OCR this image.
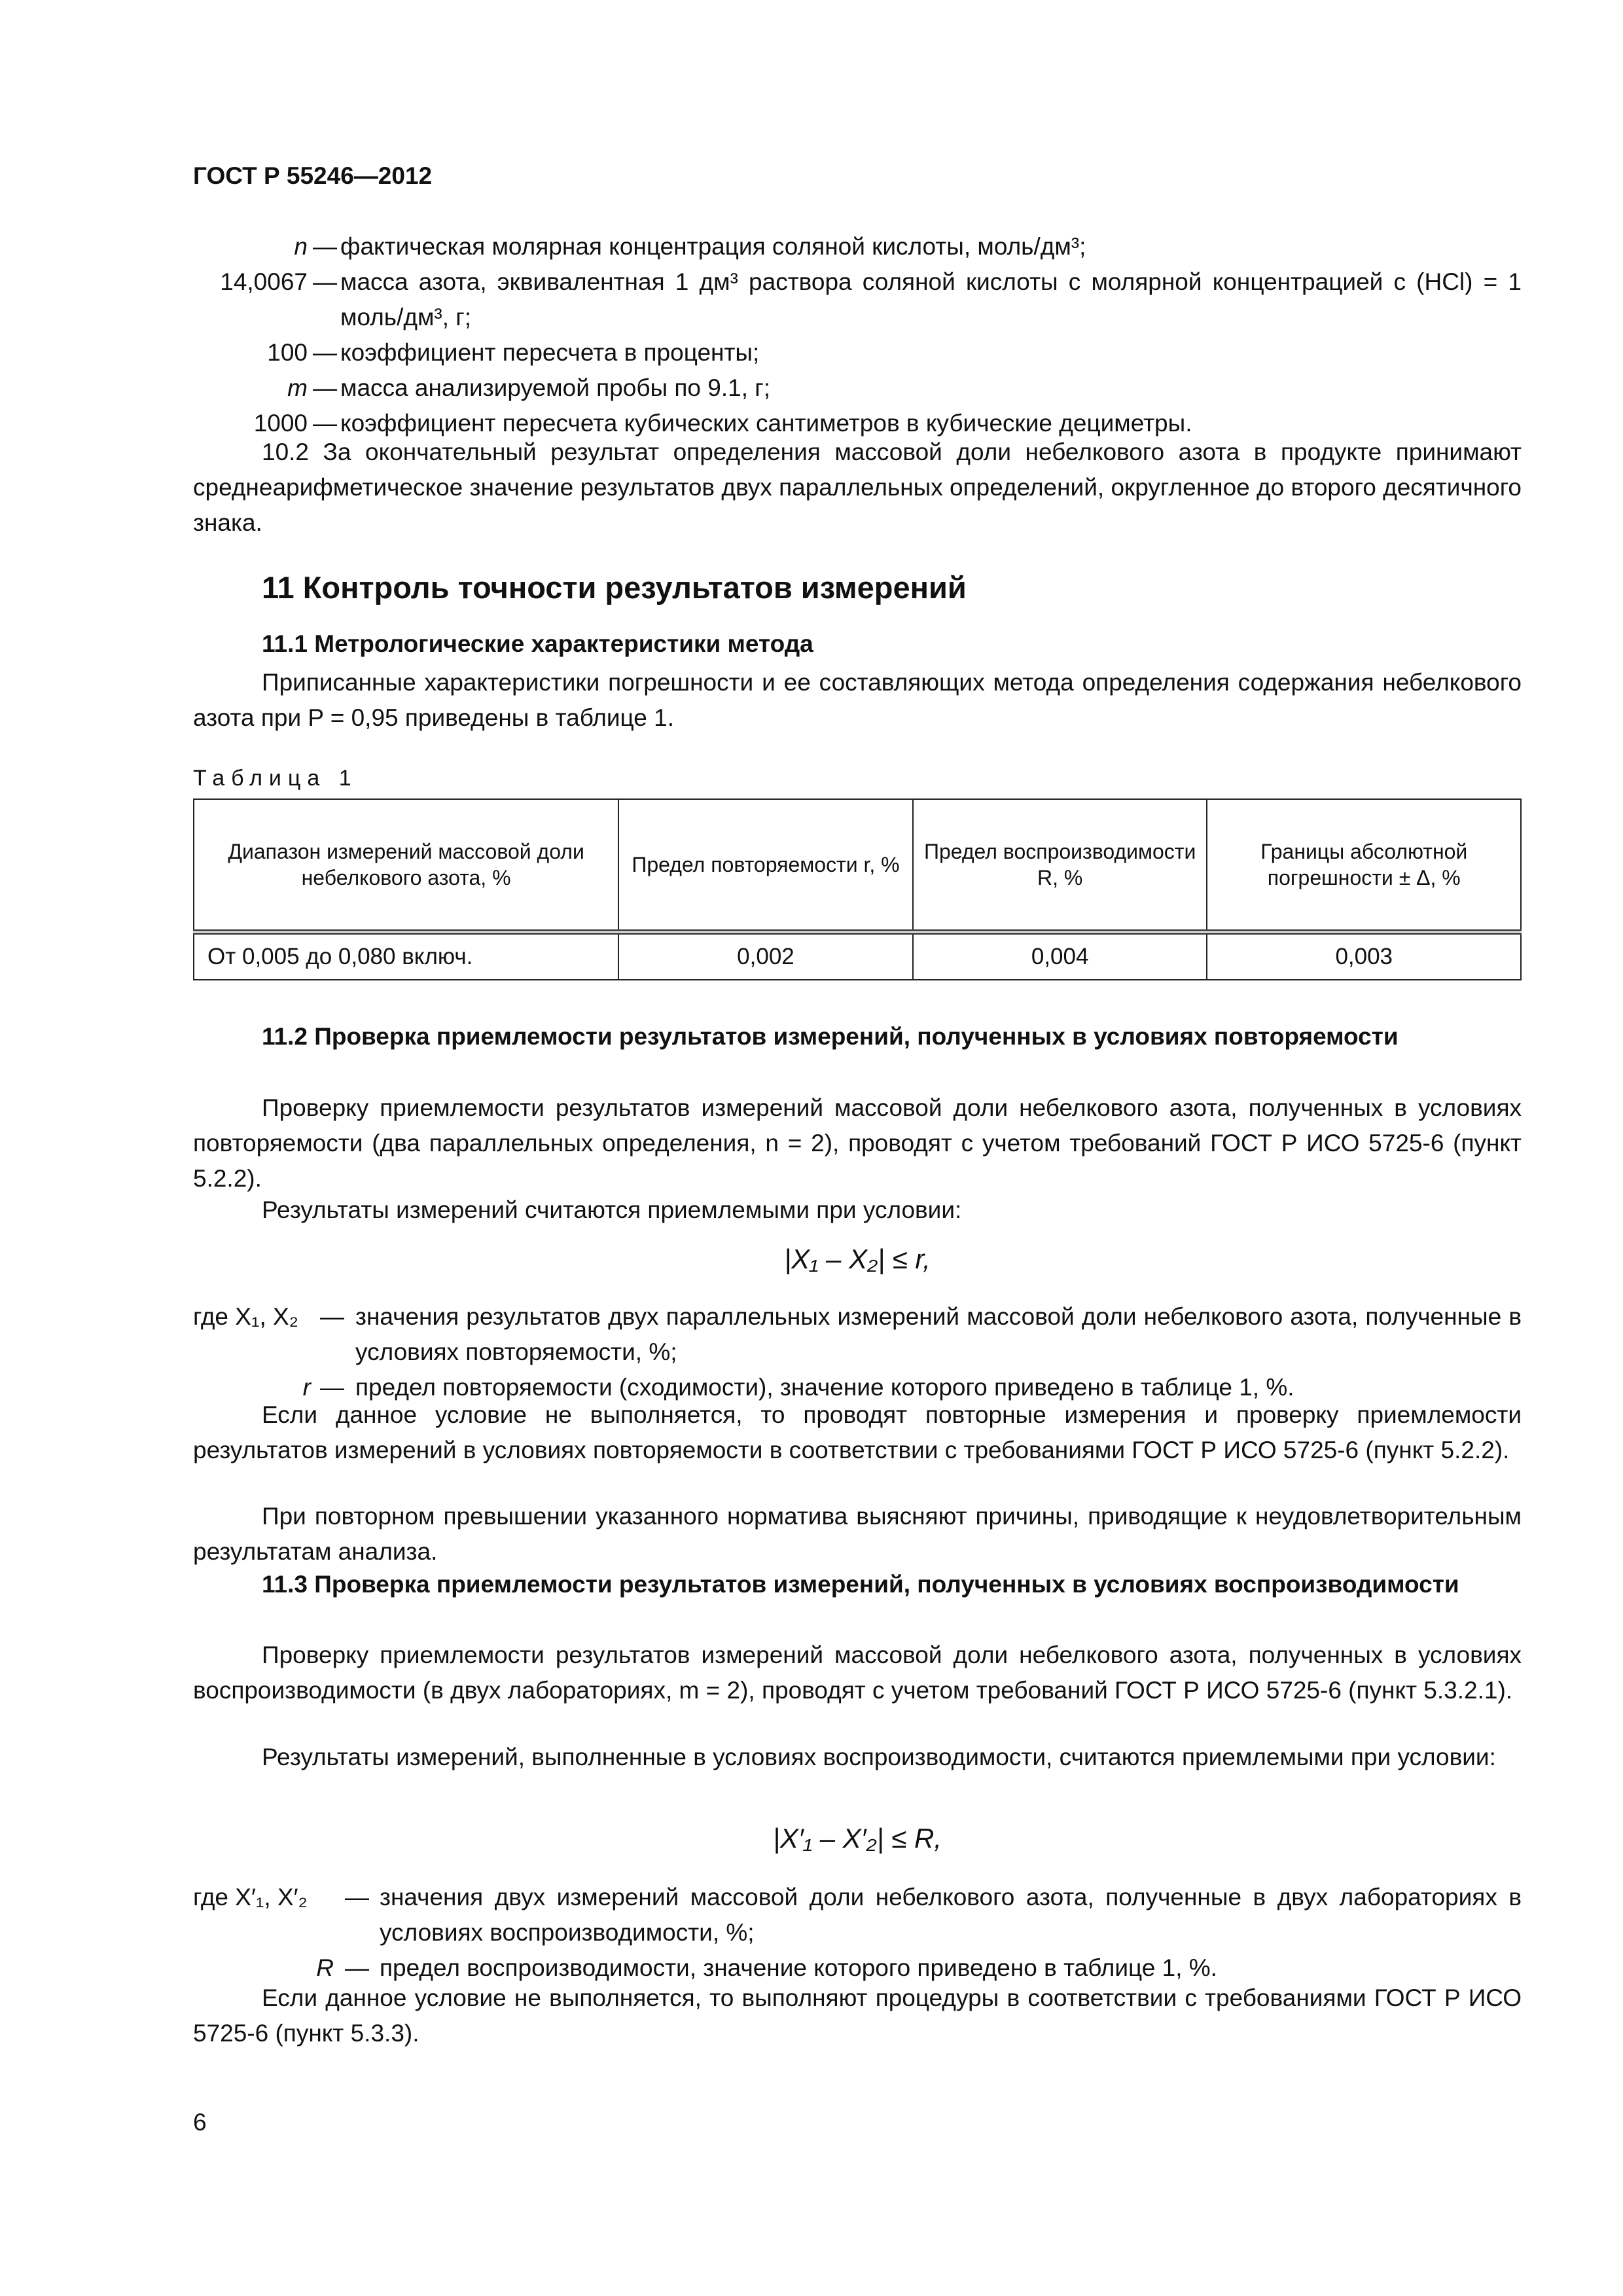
ГОСТ Р 55246—2012
n — фактическая молярная концентрация соляной кислоты, моль/дм³;
14,0067 — масса азота, эквивалентная 1 дм³ раствора соляной кислоты с молярной концентрацией c (HCl) = 1 моль/дм³, г;
100 — коэффициент пересчета в проценты;
m — масса анализируемой пробы по 9.1, г;
1000 — коэффициент пересчета кубических сантиметров в кубические дециметры.
10.2 За окончательный результат определения массовой доли небелкового азота в продукте принимают среднеарифметическое значение результатов двух параллельных определений, округленное до второго десятичного знака.
11 Контроль точности результатов измерений
11.1 Метрологические характеристики метода
Приписанные характеристики погрешности и ее составляющих метода определения содержания небелкового азота при P = 0,95 приведены в таблице 1.
Таблица 1
Диапазон измерений массовой доли небелкового азота, %	Предел повторяемости r, %	Предел воспроизводимости R, %	Границы абсолютной погрешности ± Δ, %
От 0,005 до 0,080 включ.	0,002	0,004	0,003
11.2 Проверка приемлемости результатов измерений, полученных в условиях повторяемости
Проверку приемлемости результатов измерений массовой доли небелкового азота, полученных в условиях повторяемости (два параллельных определения, n = 2), проводят с учетом требований ГОСТ Р ИСО 5725-6 (пункт 5.2.2).
Результаты измерений считаются приемлемыми при условии:
|X₁ – X₂| ≤ r,
где X₁, X₂ — значения результатов двух параллельных измерений массовой доли небелкового азота, полученные в условиях повторяемости, %;
r — предел повторяемости (сходимости), значение которого приведено в таблице 1, %.
Если данное условие не выполняется, то проводят повторные измерения и проверку приемлемости результатов измерений в условиях повторяемости в соответствии с требованиями ГОСТ Р ИСО 5725-6 (пункт 5.2.2).
При повторном превышении указанного норматива выясняют причины, приводящие к неудовлетворительным результатам анализа.
11.3 Проверка приемлемости результатов измерений, полученных в условиях воспроизводимости
Проверку приемлемости результатов измерений массовой доли небелкового азота, полученных в условиях воспроизводимости (в двух лабораториях, m = 2), проводят с учетом требований ГОСТ Р ИСО 5725-6 (пункт 5.3.2.1).
Результаты измерений, выполненные в условиях воспроизводимости, считаются приемлемыми при условии:
|X′₁ – X′₂| ≤ R,
где X′₁, X′₂ — значения двух измерений массовой доли небелкового азота, полученные в двух лабораториях в условиях воспроизводимости, %;
R — предел воспроизводимости, значение которого приведено в таблице 1, %.
Если данное условие не выполняется, то выполняют процедуры в соответствии с требованиями ГОСТ Р ИСО 5725-6 (пункт 5.3.3).
6
